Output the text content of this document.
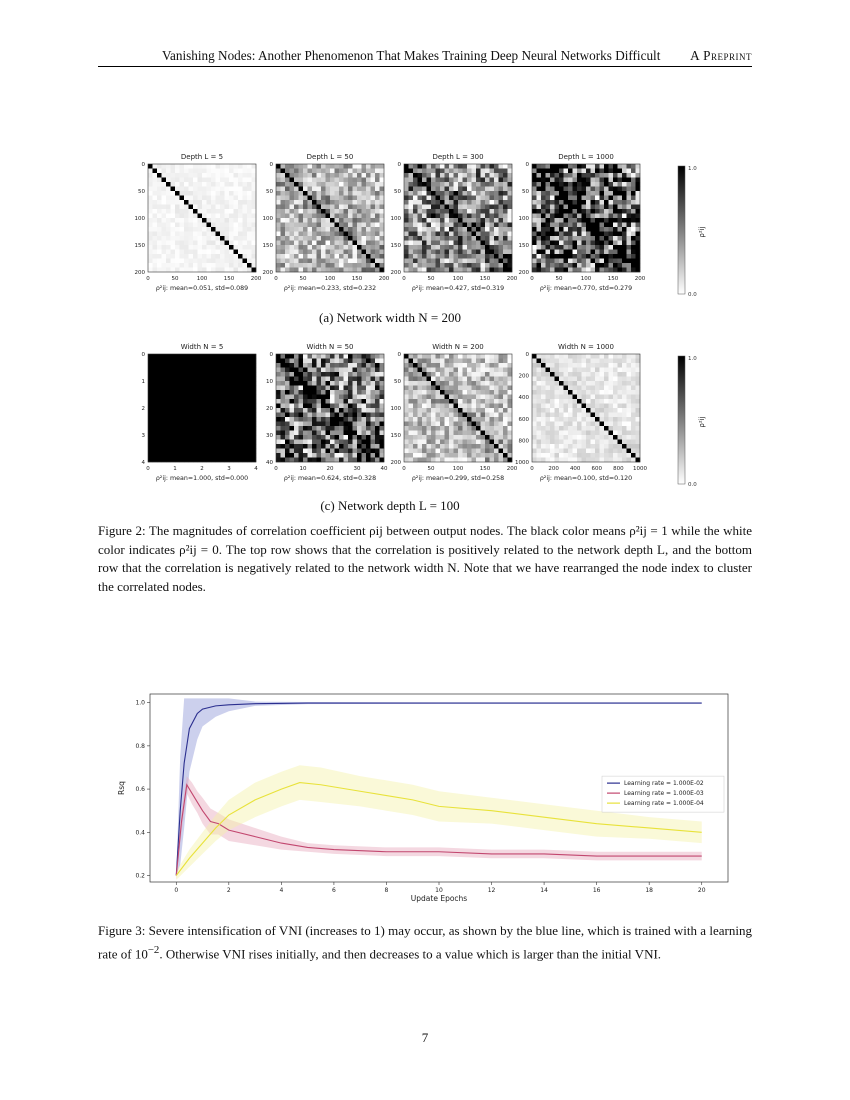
Vanishing Nodes: Another Phenomenon That Makes Training Deep Neural Networks Difficult A Preprint
Depth L = 5
0
50
100
150
200
0	50	100	150	200
ρ²ij: mean=0.051, std=0.089
Depth L = 50
0
50
100
150
200
0	50	100	150	200
ρ²ij: mean=0.233, std=0.232
Depth L = 300
0
50
100
150
200
0	50	100	150	200
ρ²ij: mean=0.427, std=0.319
Depth L = 1000
0
50
100
150
200
0	50	100	150	200
ρ²ij: mean=0.770, std=0.279
1.0
0.0
ρ²ij
(a) Network width N = 200
Width N = 5
0
1
2
3
4
0	1	2	3	4
ρ²ij: mean=1.000, std=0.000
Width N = 50
0
10
20
30
40
0	10	20	30	40
ρ²ij: mean=0.624, std=0.328
Width N = 200
0
50
100
150
200
0	50	100	150	200
ρ²ij: mean=0.299, std=0.258
Width N = 1000
0
200
400
600
800
1000
0	200 400 600 800 1000
ρ²ij: mean=0.100, std=0.120
1.0
0.0
ρ²ij
(c) Network depth L = 100
Figure 2: The magnitudes of correlation coefficient ρij between output nodes. The black color means ρ²ij = 1 while the white color indicates ρ²ij = 0. The top row shows that the correlation is positively related to the network depth L, and the bottom row that the correlation is negatively related to the network width N. Note that we have rearranged the node index to cluster the correlated nodes.
0	2	4	6	8	10	12	14	16	18	20
0.2
0.4
0.6
0.8
1.0
Update Epochs
Rsq	Learning rate = 1.000E-02
Learning rate = 1.000E-03
Learning rate = 1.000E-04
Figure 3: Severe intensification of VNI (increases to 1) may occur, as shown by the blue line, which is trained with a learning rate of $10^{-2}$. Otherwise VNI rises initially, and then decreases to a value which is larger than the initial VNI.
7
